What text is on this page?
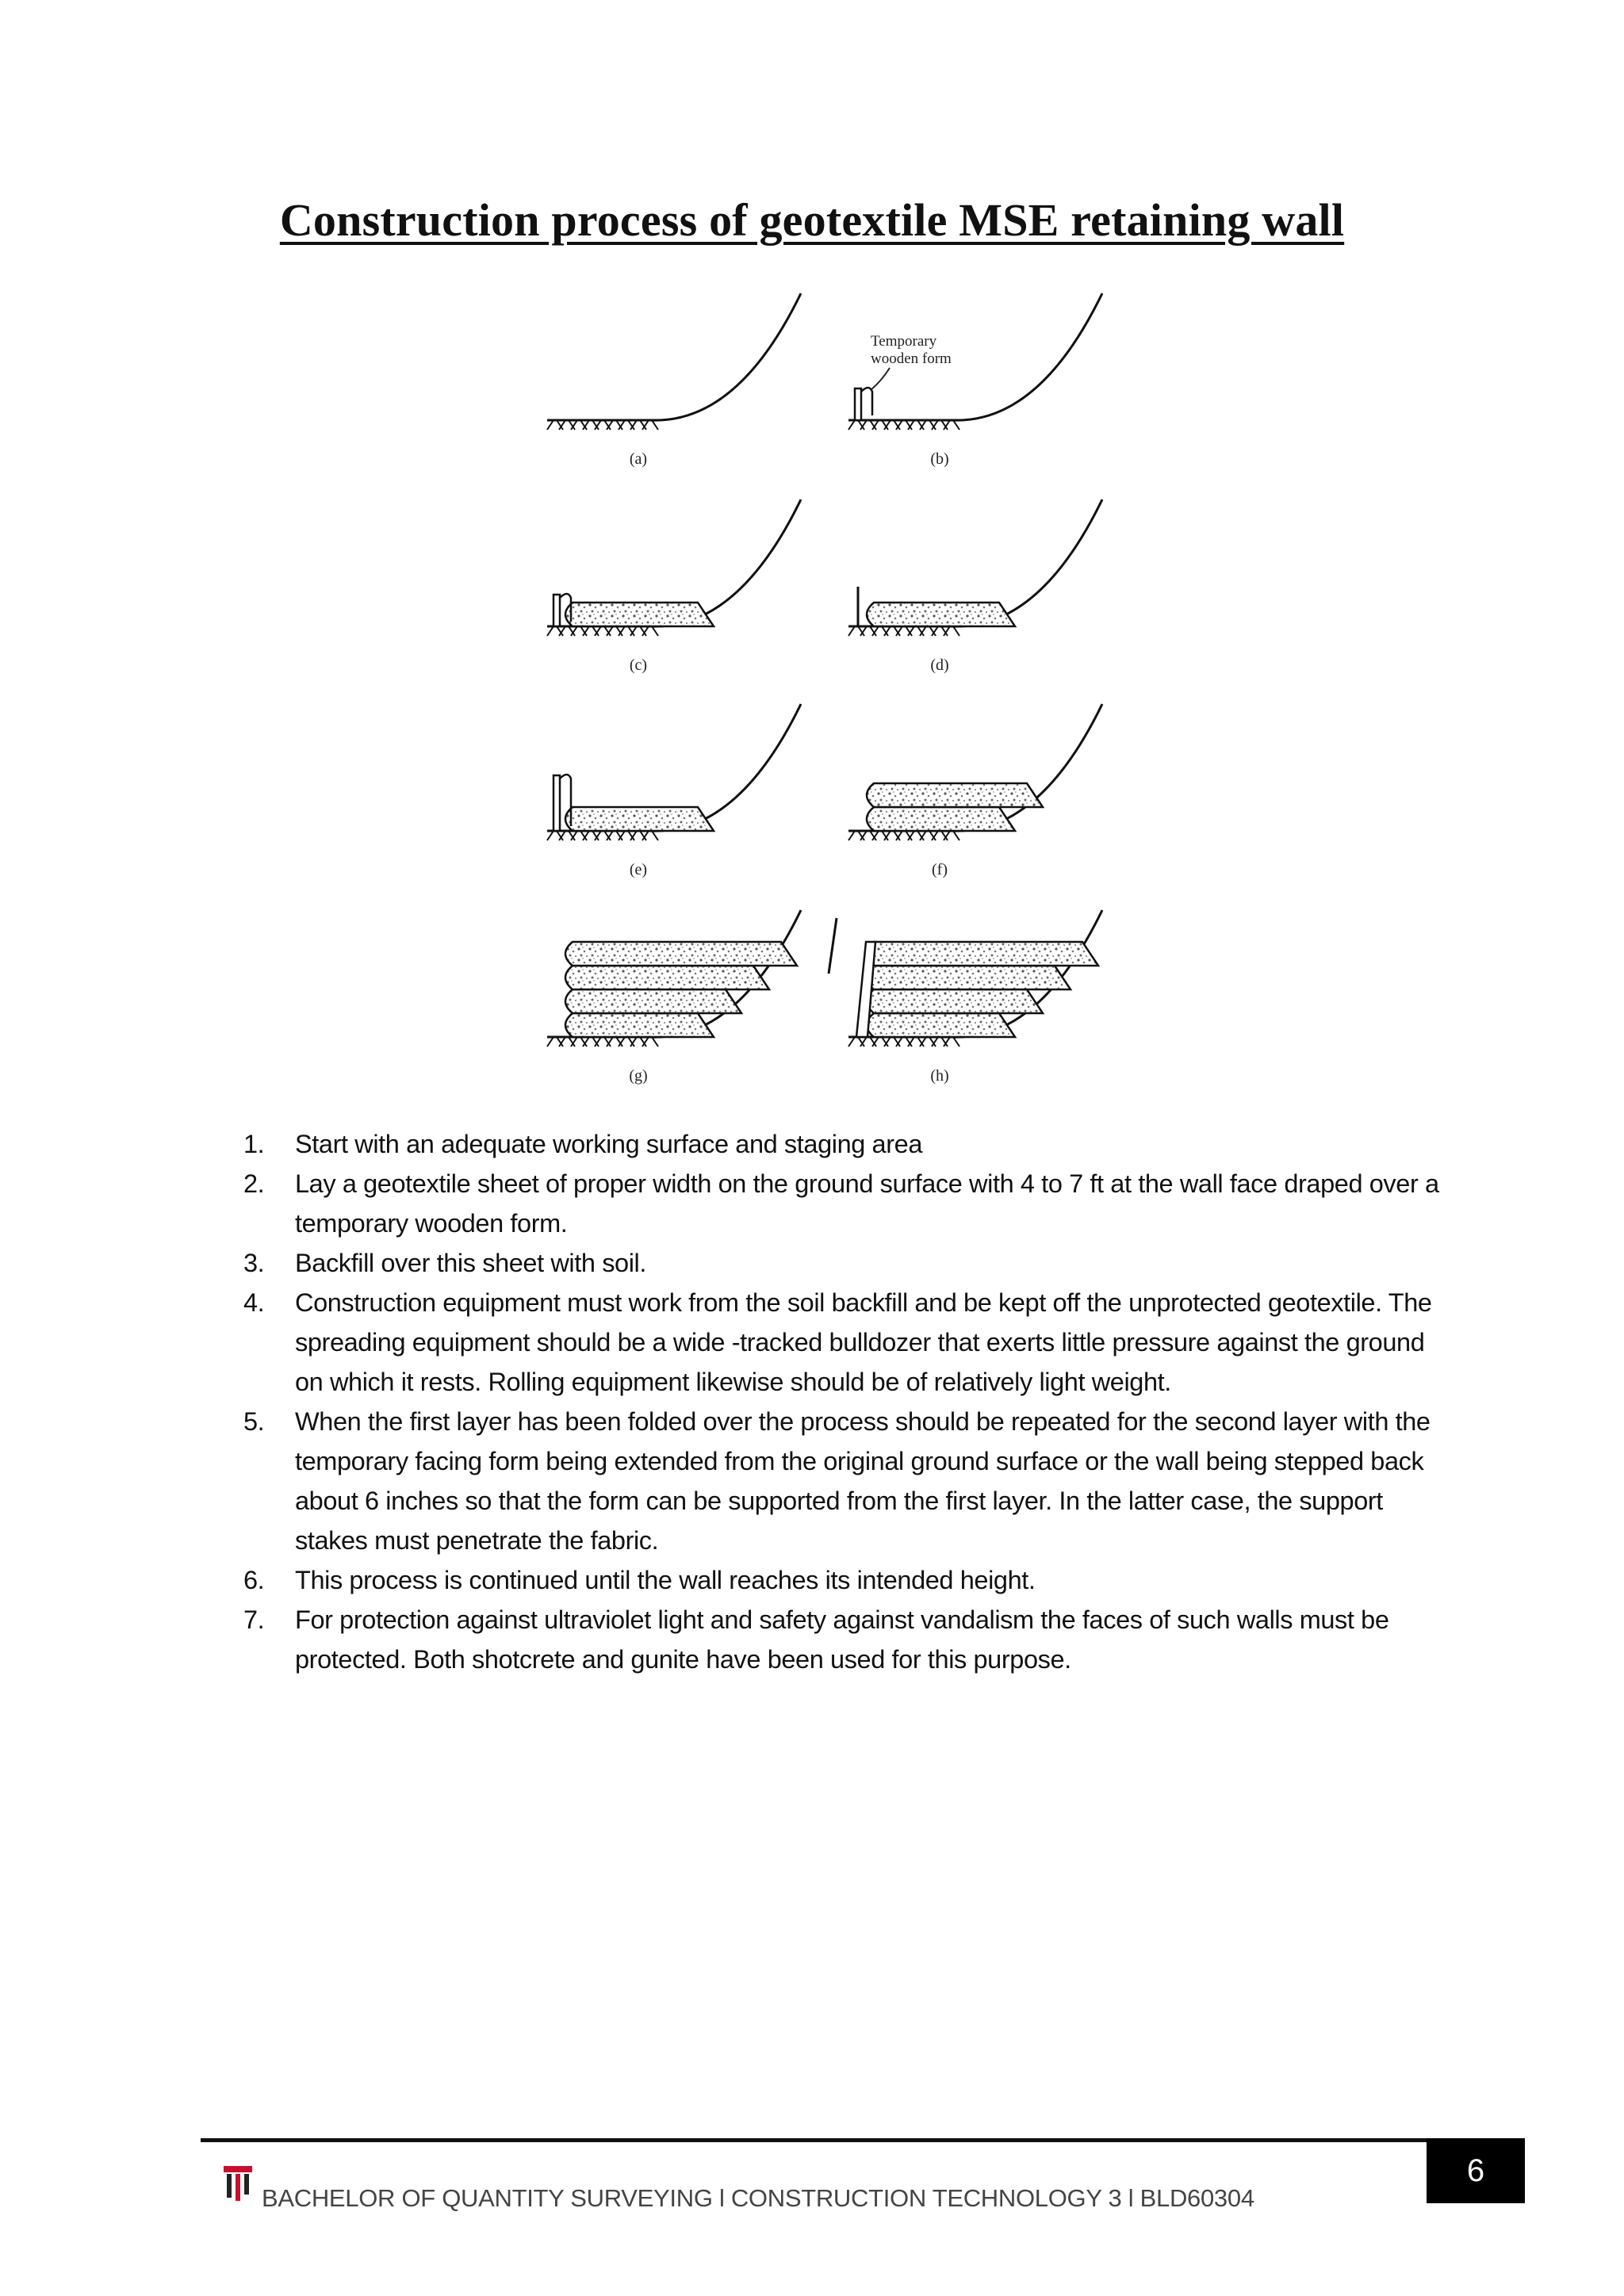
Construction process of geotextile MSE retaining wall
(a)	(b)
(c)	(d)
(e)	(f)
(g)	(h)
Temporary
wooden form
1. Start with an adequate working surface and staging area
2. Lay a geotextile sheet of proper width on the ground surface with 4 to 7 ft at the wall face draped over a temporary wooden form.
3. Backfill over this sheet with soil.
4. Construction equipment must work from the soil backfill and be kept off the unprotected geotextile. The spreading equipment should be a wide -tracked bulldozer that exerts little pressure against the ground on which it rests. Rolling equipment likewise should be of relatively light weight.
5. When the first layer has been folded over the process should be repeated for the second layer with the temporary facing form being extended from the original ground surface or the wall being stepped back about 6 inches so that the form can be supported from the first layer. In the latter case, the support stakes must penetrate the fabric.
6. This process is continued until the wall reaches its intended height.
7. For protection against ultraviolet light and safety against vandalism the faces of such walls must be protected. Both shotcrete and gunite have been used for this purpose.
BACHELOR OF QUANTITY SURVEYING l CONSTRUCTION TECHNOLOGY 3 l BLD60304
6
